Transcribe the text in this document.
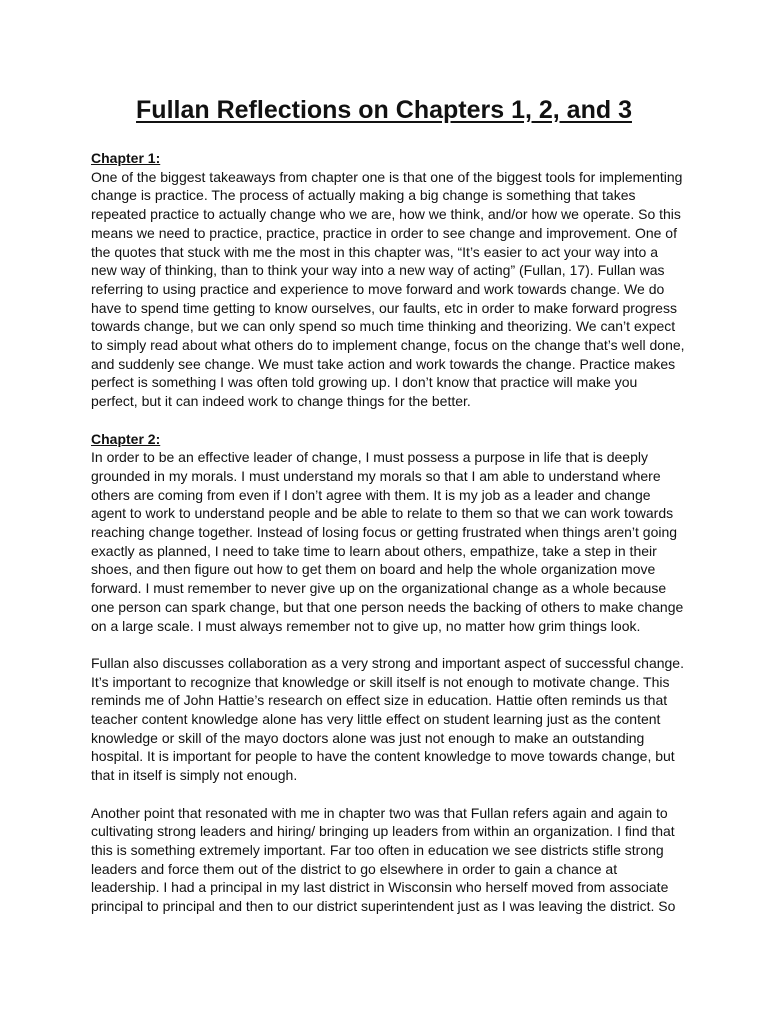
Fullan Reflections on Chapters 1, 2, and 3
Chapter 1:
One of the biggest takeaways from chapter one is that one of the biggest tools for implementing
change is practice. The process of actually making a big change is something that takes
repeated practice to actually change who we are, how we think, and/or how we operate. So this
means we need to practice, practice, practice in order to see change and improvement. One of
the quotes that stuck with me the most in this chapter was, “It’s easier to act your way into a
new way of thinking, than to think your way into a new way of acting” (Fullan, 17). Fullan was
referring to using practice and experience to move forward and work towards change. We do
have to spend time getting to know ourselves, our faults, etc in order to make forward progress
towards change, but we can only spend so much time thinking and theorizing. We can’t expect
to simply read about what others do to implement change, focus on the change that’s well done,
and suddenly see change. We must take action and work towards the change. Practice makes
perfect is something I was often told growing up. I don’t know that practice will make you
perfect, but it can indeed work to change things for the better.
Chapter 2:
In order to be an effective leader of change, I must possess a purpose in life that is deeply
grounded in my morals. I must understand my morals so that I am able to understand where
others are coming from even if I don’t agree with them. It is my job as a leader and change
agent to work to understand people and be able to relate to them so that we can work towards
reaching change together. Instead of losing focus or getting frustrated when things aren’t going
exactly as planned, I need to take time to learn about others, empathize, take a step in their
shoes, and then figure out how to get them on board and help the whole organization move
forward. I must remember to never give up on the organizational change as a whole because
one person can spark change, but that one person needs the backing of others to make change
on a large scale. I must always remember not to give up, no matter how grim things look.
Fullan also discusses collaboration as a very strong and important aspect of successful change.
It’s important to recognize that knowledge or skill itself is not enough to motivate change. This
reminds me of John Hattie’s research on effect size in education. Hattie often reminds us that
teacher content knowledge alone has very little effect on student learning just as the content
knowledge or skill of the mayo doctors alone was just not enough to make an outstanding
hospital. It is important for people to have the content knowledge to move towards change, but
that in itself is simply not enough.
Another point that resonated with me in chapter two was that Fullan refers again and again to
cultivating strong leaders and hiring/ bringing up leaders from within an organization. I find that
this is something extremely important. Far too often in education we see districts stifle strong
leaders and force them out of the district to go elsewhere in order to gain a chance at
leadership. I had a principal in my last district in Wisconsin who herself moved from associate
principal to principal and then to our district superintendent just as I was leaving the district. So
